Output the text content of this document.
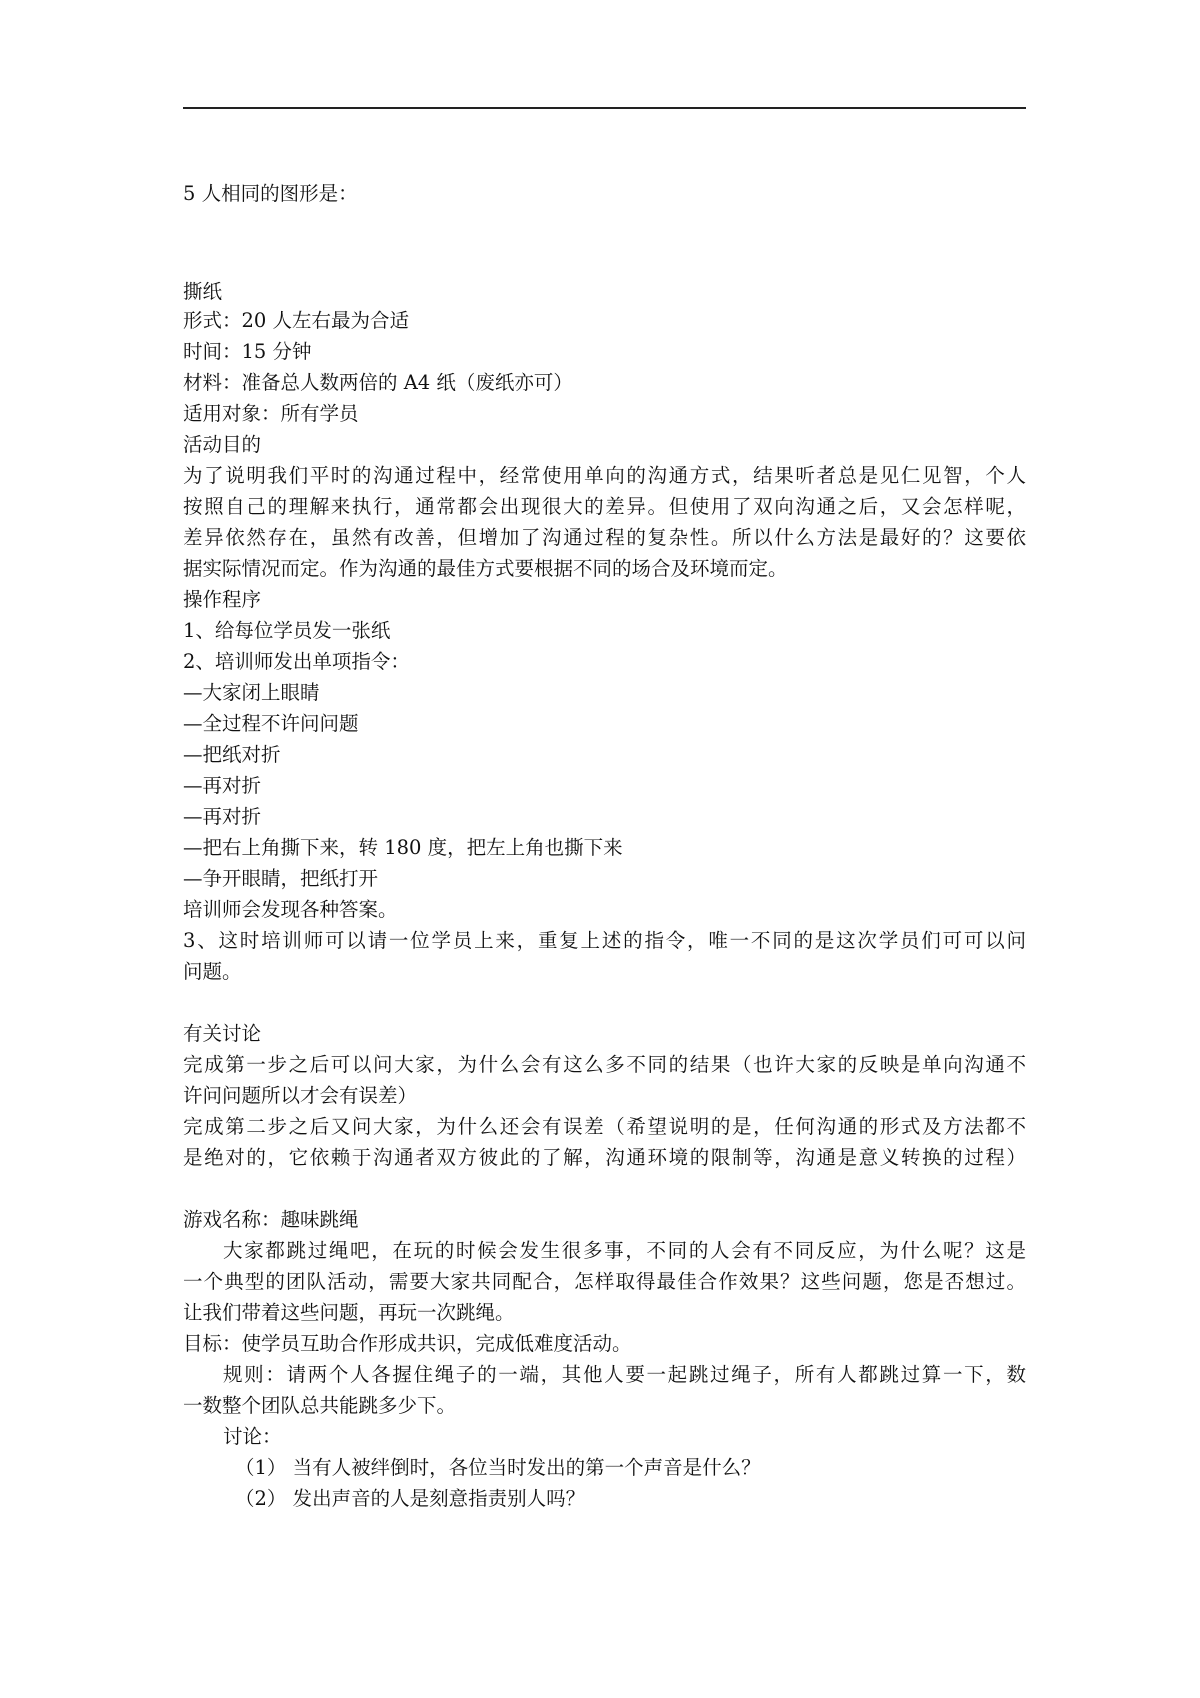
5 人相同的图形是：
撕纸
形式：20 人左右最为合适
时间：15 分钟
材料：准备总人数两倍的 A4 纸（废纸亦可）
适用对象：所有学员
活动目的
为了说明我们平时的沟通过程中，经常使用单向的沟通方式，结果听者总是见仁见智，个人
按照自己的理解来执行，通常都会出现很大的差异。但使用了双向沟通之后，又会怎样呢，
差异依然存在，虽然有改善，但增加了沟通过程的复杂性。所以什么方法是最好的？这要依
据实际情况而定。作为沟通的最佳方式要根据不同的场合及环境而定。
操作程序
1、给每位学员发一张纸
2、培训师发出单项指令：
—大家闭上眼睛
—全过程不许问问题
—把纸对折
—再对折
—再对折
—把右上角撕下来，转 180 度，把左上角也撕下来
—争开眼睛，把纸打开
培训师会发现各种答案。
3、这时培训师可以请一位学员上来，重复上述的指令，唯一不同的是这次学员们可可以问
问题。
有关讨论
完成第一步之后可以问大家，为什么会有这么多不同的结果（也许大家的反映是单向沟通不
许问问题所以才会有误差）
完成第二步之后又问大家，为什么还会有误差（希望说明的是，任何沟通的形式及方法都不
是绝对的，它依赖于沟通者双方彼此的了解，沟通环境的限制等，沟通是意义转换的过程）
游戏名称：趣味跳绳
大家都跳过绳吧，在玩的时候会发生很多事，不同的人会有不同反应，为什么呢？这是
一个典型的团队活动，需要大家共同配合，怎样取得最佳合作效果？这些问题，您是否想过。
让我们带着这些问题，再玩一次跳绳。
目标：使学员互助合作形成共识，完成低难度活动。
规则：请两个人各握住绳子的一端，其他人要一起跳过绳子，所有人都跳过算一下，数
一数整个团队总共能跳多少下。
讨论：
（1） 当有人被绊倒时，各位当时发出的第一个声音是什么？
（2） 发出声音的人是刻意指责别人吗？
